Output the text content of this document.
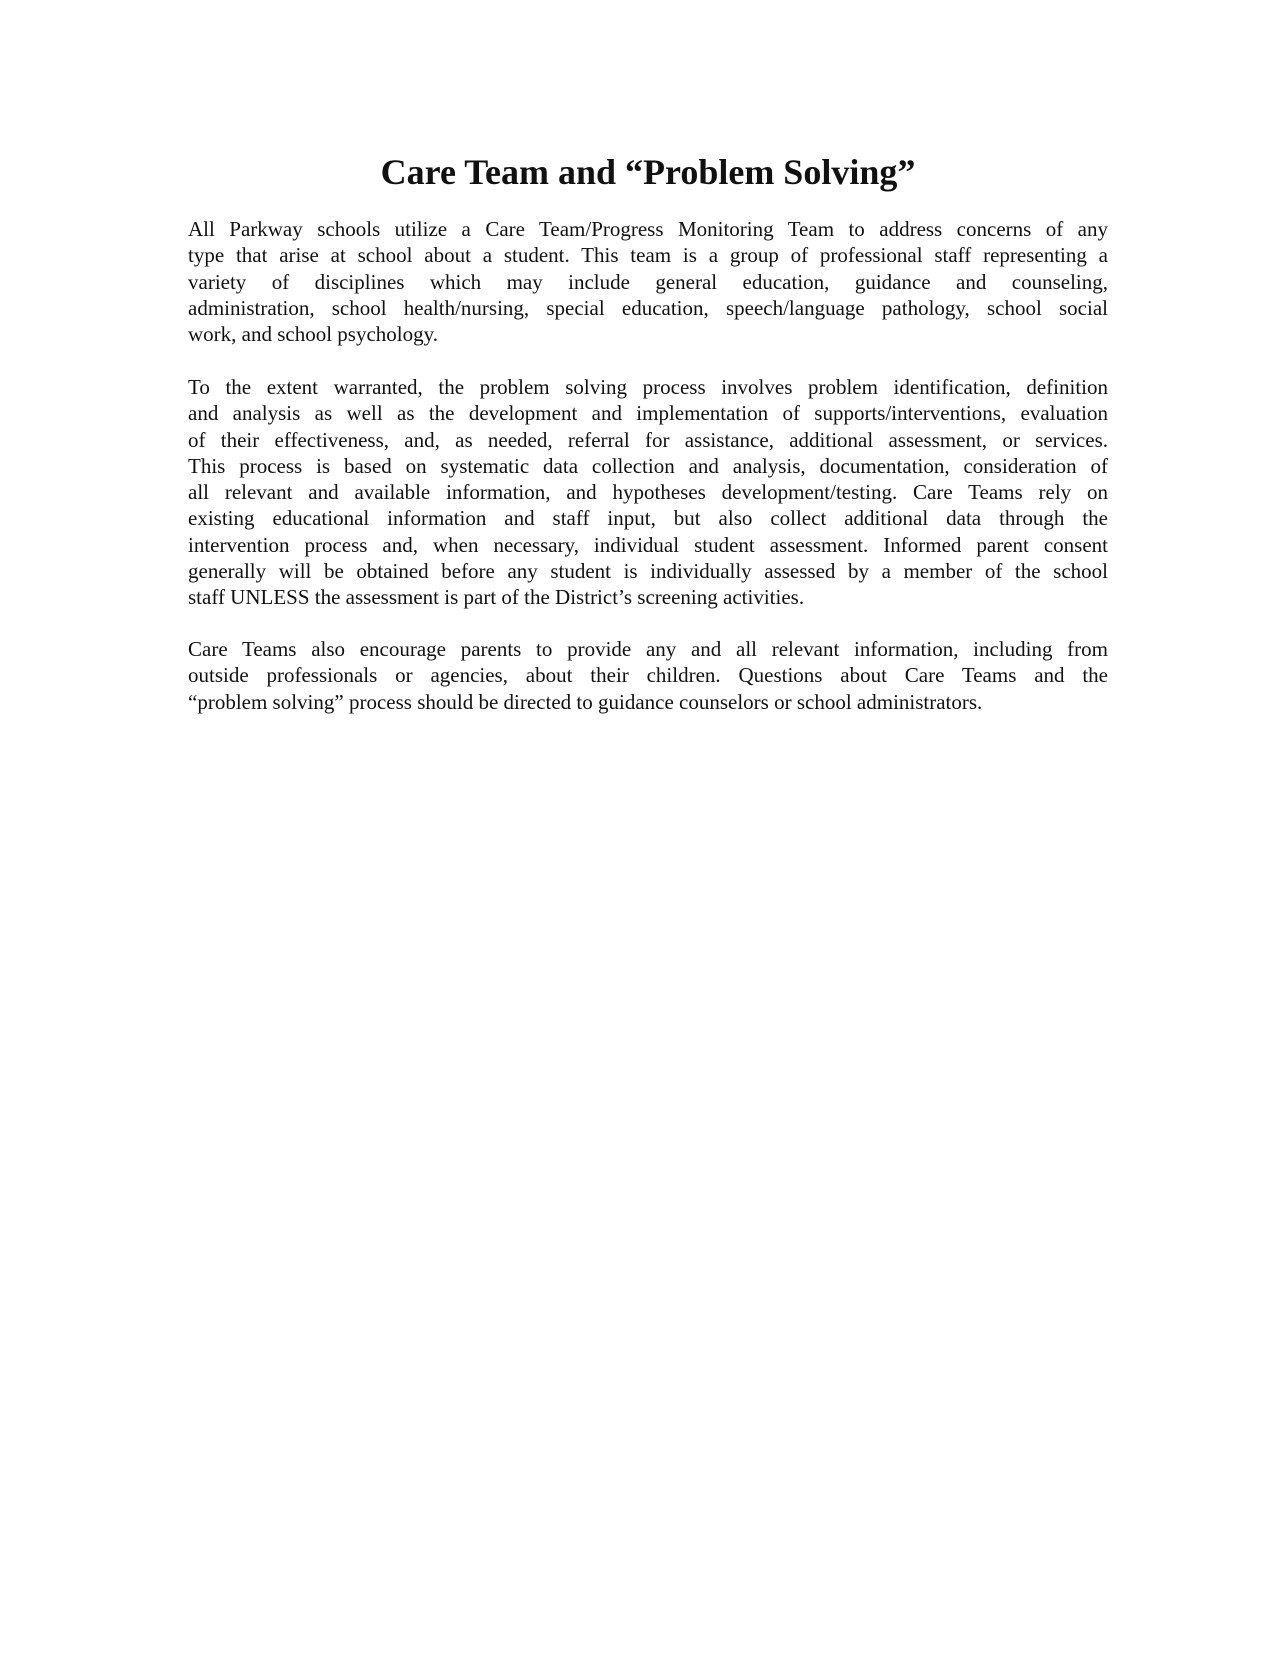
Care Team and “Problem Solving”
All Parkway schools utilize a Care Team/Progress Monitoring Team to address concerns of any
type that arise at school about a student. This team is a group of professional staff representing a
variety of disciplines which may include general education, guidance and counseling,
administration, school health/nursing, special education, speech/language pathology, school social
work, and school psychology.
To the extent warranted, the problem solving process involves problem identification, definition
and analysis as well as the development and implementation of supports/interventions, evaluation
of their effectiveness, and, as needed, referral for assistance, additional assessment, or services.
This process is based on systematic data collection and analysis, documentation, consideration of
all relevant and available information, and hypotheses development/testing. Care Teams rely on
existing educational information and staff input, but also collect additional data through the
intervention process and, when necessary, individual student assessment. Informed parent consent
generally will be obtained before any student is individually assessed by a member of the school
staff UNLESS the assessment is part of the District’s screening activities.
Care Teams also encourage parents to provide any and all relevant information, including from
outside professionals or agencies, about their children. Questions about Care Teams and the
“problem solving” process should be directed to guidance counselors or school administrators.
